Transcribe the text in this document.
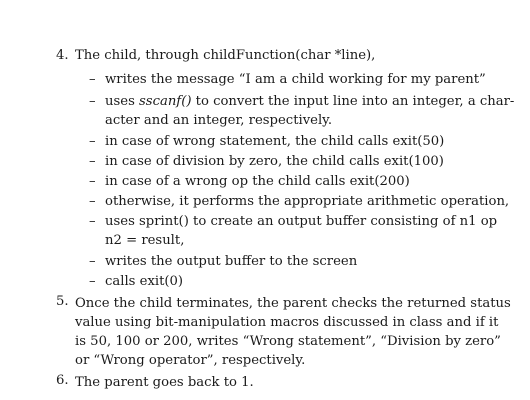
4. The child, through childFunction(char *line),
– writes the message “I am a child working for my parent”
– uses sscanf() to convert the input line into an integer, a char-
acter and an integer, respectively.
– in case of wrong statement, the child calls exit(50)
– in case of division by zero, the child calls exit(100)
– in case of a wrong op the child calls exit(200)
– otherwise, it performs the appropriate arithmetic operation,
– uses sprint() to create an output buffer consisting of n1 op
n2 = result,
– writes the output buffer to the screen
– calls exit(0)
5. Once the child terminates, the parent checks the returned status
value using bit-manipulation macros discussed in class and if it
is 50, 100 or 200, writes “Wrong statement”, “Division by zero”
or “Wrong operator”, respectively.
6. The parent goes back to 1.
